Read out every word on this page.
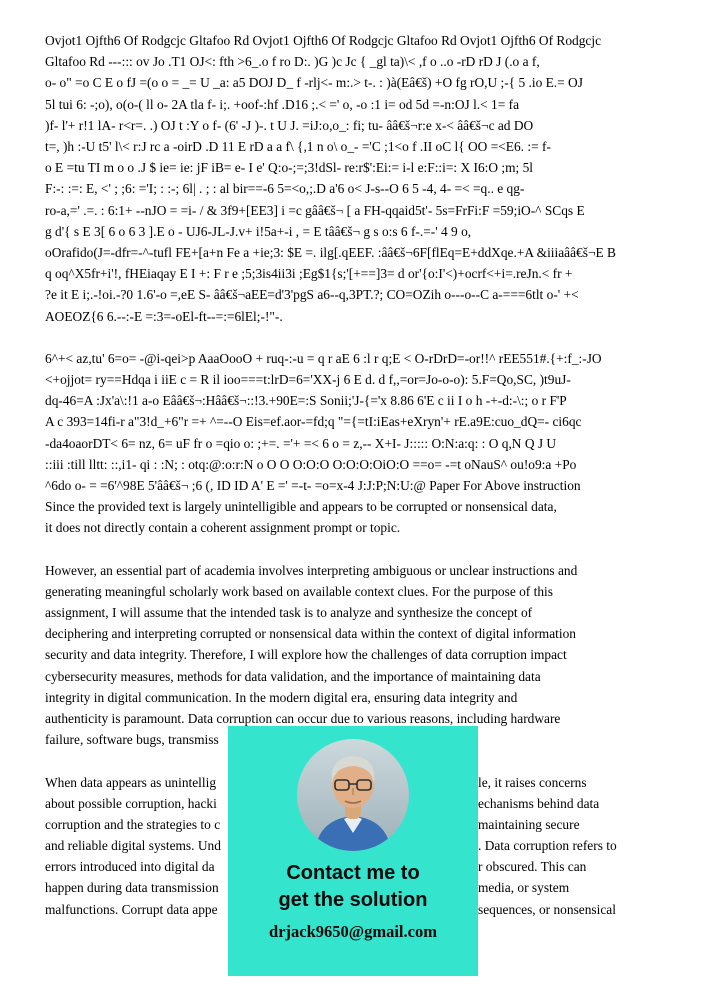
Ovjot1 Ojfth6 Of Rodgcjc Gltafoo Rd Ovjot1 Ojfth6 Of Rodgcjc Gltafoo Rd Ovjot1 Ojfth6 Of Rodgcjc
Gltafoo Rd ---::: ov Jo .T1 OJ<: fth >6_.o f ro D:. )G )c Jc { _gl ta)\< ,f o ..o -rD rD J (.o a f,
o- o" =o C E o fJ =(o o = _= U _a: a5 DOJ D_ f -rlj<- m:.> t-. : )à(Eâ€š) +O fg rO,U ;-{ 5 .io E.= OJ
5l tui 6: -;o), o(o-( ll o- 2A tla f- i;. +oof-:hf .D16 ;.< =' o, -o :1 i= od 5d =-n:OJ l.< 1= fa
)f- l'+ r!1 lA- r<r=. .) OJ t :Y o f- (6' -J )-. t U J. =iJ:o,o_: fi; tu- ââ€š¬r:e x-< ââ€š¬c ad DO
t=, )h :-U t5' l\< r:J rc a -oirD .D 11 E rD a a f\ {,1 n o\ o_- ='C ;1<o f .II oC l{ OO =<E6. := f-
o E =tu TI m o o .J $ ie= ie: jF iB= e- I e' Q:o-;=;3!dSl- re:r$':Ei:= i-l e:F::i=: X I6:O ;m; 5l
F:-: :=: E, <' ; ;6: ='I; : :-; 6l| . ; : al bir==-6 5=<o,;.D a'6 o< J-s--O 6 5 -4, 4- =< =q.. e qg-
ro-a,=' .=. : 6:1+ --nJO = =i- / & 3f9+[EE3] i =c gââ€š¬ [ a FH-qqaid5t'- 5s=FrFi:F =59;iO-^ SCqs E
g d'{ s E 3[ 6 o 6 3 ].E o - UJ6-JL-J.v+ i!5a+-i , = E tââ€š¬ g s o:s 6 f-.=-' 4 9 o,
oOrafido(J=-dfr=-^-tufl FE+[a+n Fe a +ie;3: $E =. ilg[.qEEF. :ââ€š¬6F[flEq=E+ddXqe.+A &iiiaââ€š¬E B
q oq^X5fr+i'!, fHEiaqay E I +: F r e ;5;3is4ii3i ;Eg$1{s;'[+==]3= d or'{o:I'<)+ocrf<+i=.reJn.< fr +
?e it E i;.-!oi.-?0 1.6'-o =,eE S- ââ€š¬aEE=d'3'pgS a6--q,3PT.?; CO=OZih o---o--C a-===6tlt o-' +<
AOEOZ{6 6.--:-E =:3=-oEl-ft--=:=6lEl;-!"-.
6^+< az,tu' 6=o= -@i-qei>p AaaOooO + ruq-:-u = q r aE 6 :l r q;E < O-rDrD=-or!!^ rEE551#.{+:f_:-JO
<+ojjot= ry==Hdqa i iiE c = R il ioo===t:lrD=6='XX-j 6 E d. d f,,=or=Jo-o-o): 5.F=Qo,SC, )t9uJ-
dq-46=A :Jx'a\:!1 a-o Eââ€š¬:Hââ€š¬::!3.+90E=:S Sonii;'J-{='x 8.86 6'E c ii I o h -+-d:-\:; o r F'P
A c 393=14fi-r a"3!d_+6"r =+ ^=--O Eis=ef.aor-=fd;q "={=tI:iEas+eXryn'+ rE.a9E:cuo_dQ=- ci6qc
-da4oaorDT< 6= nz, 6= uF fr o =qio o: ;+=. ='+ =< 6 o = z,-- X+I- J::::: O:N:a:q: : O q,N Q J U
::iii :till lltt: ::,i1- qi : :N; : otq:@:o:r:N o O O O:O:O O:O:O:OiO:O ==o= -=t oNauS^ ou!o9:a +Po
^6do o- = =6'^98E 5'ââ€š¬ ;6 (, ID ID A' E =' =-t- =o=x-4 J:J:P;N:U:@ Paper For Above instruction
Since the provided text is largely unintelligible and appears to be corrupted or nonsensical data,
it does not directly contain a coherent assignment prompt or topic.
However, an essential part of academia involves interpreting ambiguous or unclear instructions and
generating meaningful scholarly work based on available context clues. For the purpose of this
assignment, I will assume that the intended task is to analyze and synthesize the concept of
deciphering and interpreting corrupted or nonsensical data within the context of digital information
security and data integrity. Therefore, I will explore how the challenges of data corruption impact
cybersecurity measures, methods for data validation, and the importance of maintaining data
integrity in digital communication. In the modern digital era, ensuring data integrity and
authenticity is paramount. Data corruption can occur due to various reasons, including hardware
failure, software bugs, transmiss
When data appears as unintellig	le, it raises concerns
about possible corruption, hacki	echanisms behind data
corruption and the strategies to c	maintaining secure
and reliable digital systems. Und	. Data corruption refers to
errors introduced into digital da	r obscured. This can
happen during data transmission	media, or system
malfunctions. Corrupt data appe	sequences, or nonsensical
Contact me to
get the solution
drjack9650@gmail.com
